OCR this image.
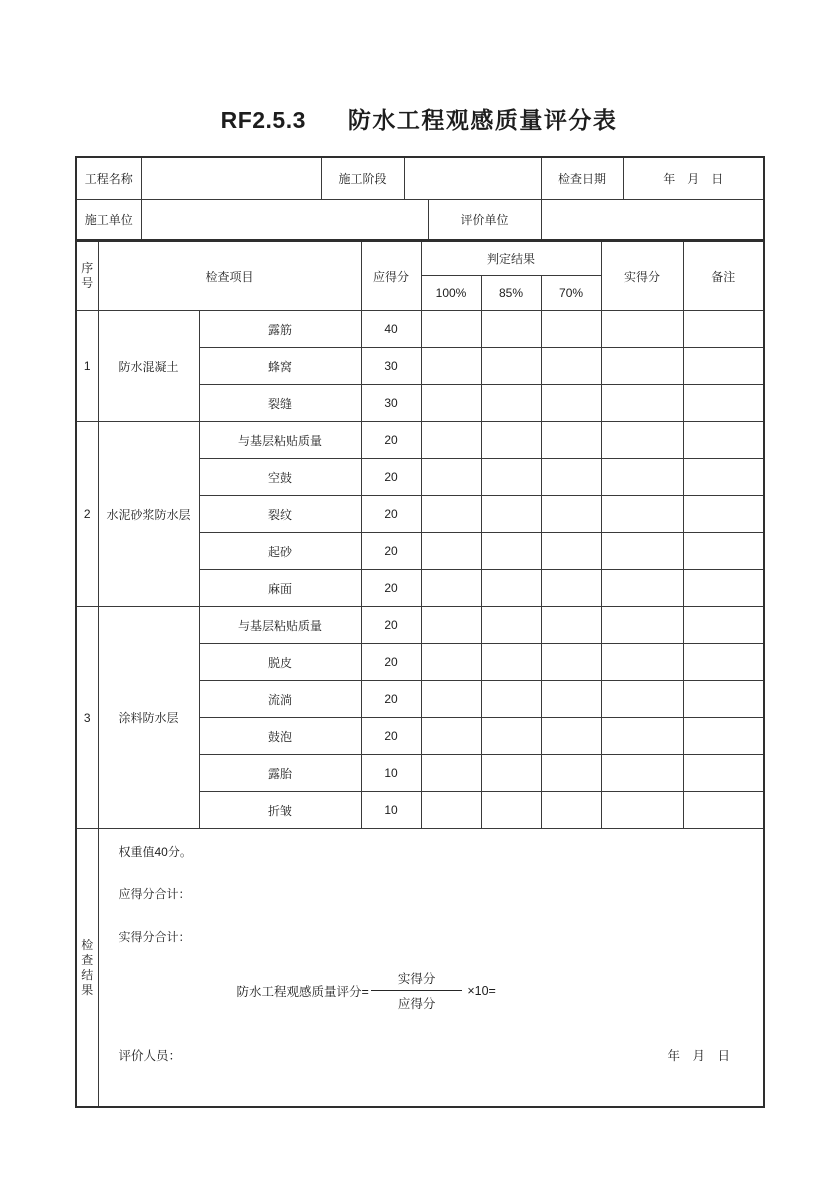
RF2.5.3 防水工程观感质量评分表
工程名称		施工阶段			检查日期	年　月　日
施工单位				评价单位		
序号	检查项目		应得分	判定结果			实得分	备注
				100%	85%	70%		
1	防水混凝土	露筋	40					
		蜂窝	30					
		裂缝	30					
2	水泥砂浆防水层	与基层粘贴质量	20					
		空鼓	20					
		裂纹	20					
		起砂	20					
		麻面	20					
3	涂料防水层	与基层粘贴质量	20					
		脱皮	20					
		流淌	20					
		鼓泡	20					
		露胎	10					
		折皱	10					

检查结果

权重值40分。
应得分合计：
实得分合计：
防水工程观感质量评分= $\frac{\text{实得分}}{\text{应得分}} \times 10=$
评价人员：	年　月　日
